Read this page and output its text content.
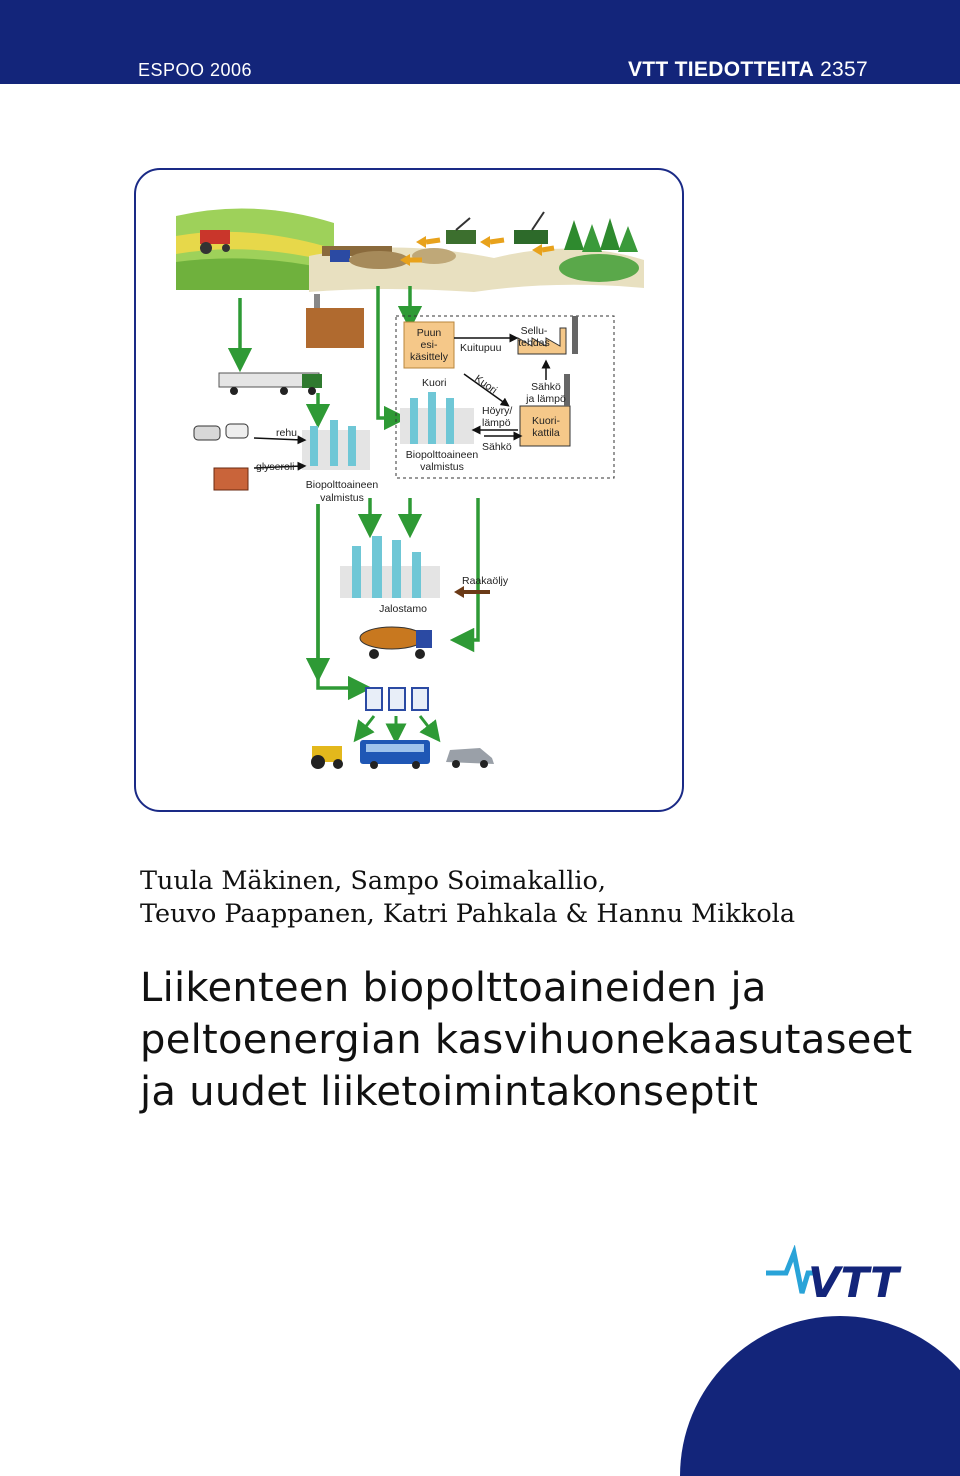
ESPOO 2006	VTT TIEDOTTEITA 2357
rehu
glyseroli
Biopolttoaineen
valmistus
Puun
esi-
käsittely
Kuitupuu
Sellu-
tehdas
Kuori Kuori
Kuori-
kattila
Sähkö
ja lämpö
Höyry/
lämpö
Sähkö
Biopolttoaineen
valmistus
Jalostamo
Raakaöljy
Tuula Mäkinen, Sampo Soimakallio,
Teuvo Paappanen, Katri Pahkala & Hannu Mikkola
Liikenteen biopolttoaineiden ja
peltoenergian kasvihuonekaasutaseet
ja uudet liiketoimintakonseptit
VTT
